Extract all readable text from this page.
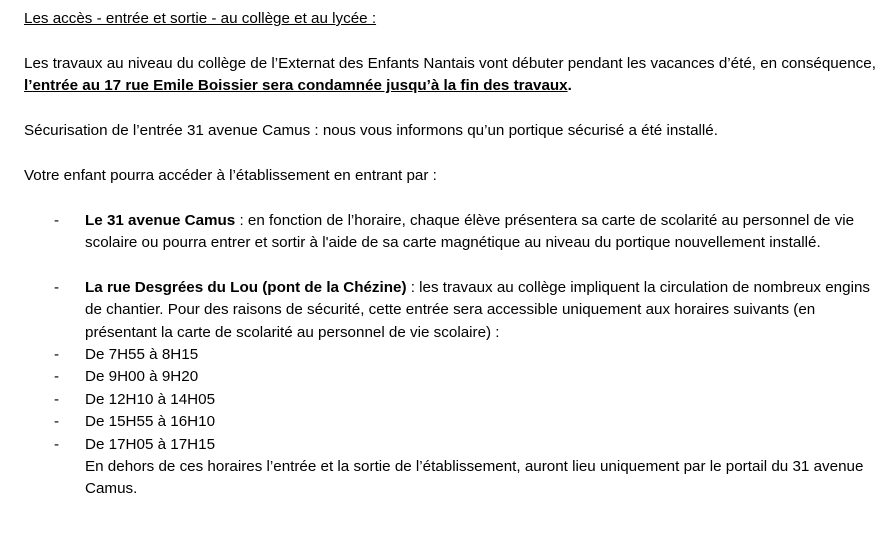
Les accès - entrée et sortie - au collège et au lycée :

Les travaux au niveau du collège de l’Externat des Enfants Nantais vont débuter pendant les vacances d’été, en conséquence, l’entrée au 17 rue Emile Boissier sera condamnée jusqu’à la fin des travaux.

Sécurisation de l’entrée 31 avenue Camus : nous vous informons qu’un portique sécurisé a été installé.

Votre enfant pourra accéder à l’établissement en entrant par :

- Le 31 avenue Camus : en fonction de l’horaire, chaque élève présentera sa carte de scolarité au personnel de vie scolaire ou pourra entrer et sortir à l'aide de sa carte magnétique au niveau du portique nouvellement installé.
- La rue Desgrées du Lou (pont de la Chézine) : les travaux au collège impliquent la circulation de nombreux engins de chantier. Pour des raisons de sécurité, cette entrée sera accessible uniquement aux horaires suivants (en présentant la carte de scolarité au personnel de vie scolaire) :
- De 7H55 à 8H15
- De 9H00 à 9H20
- De 12H10 à 14H05
- De 15H55 à 16H10
- De 17H05 à 17H15

En dehors de ces horaires l’entrée et la sortie de l’établissement, auront lieu uniquement par le portail du 31 avenue Camus.
